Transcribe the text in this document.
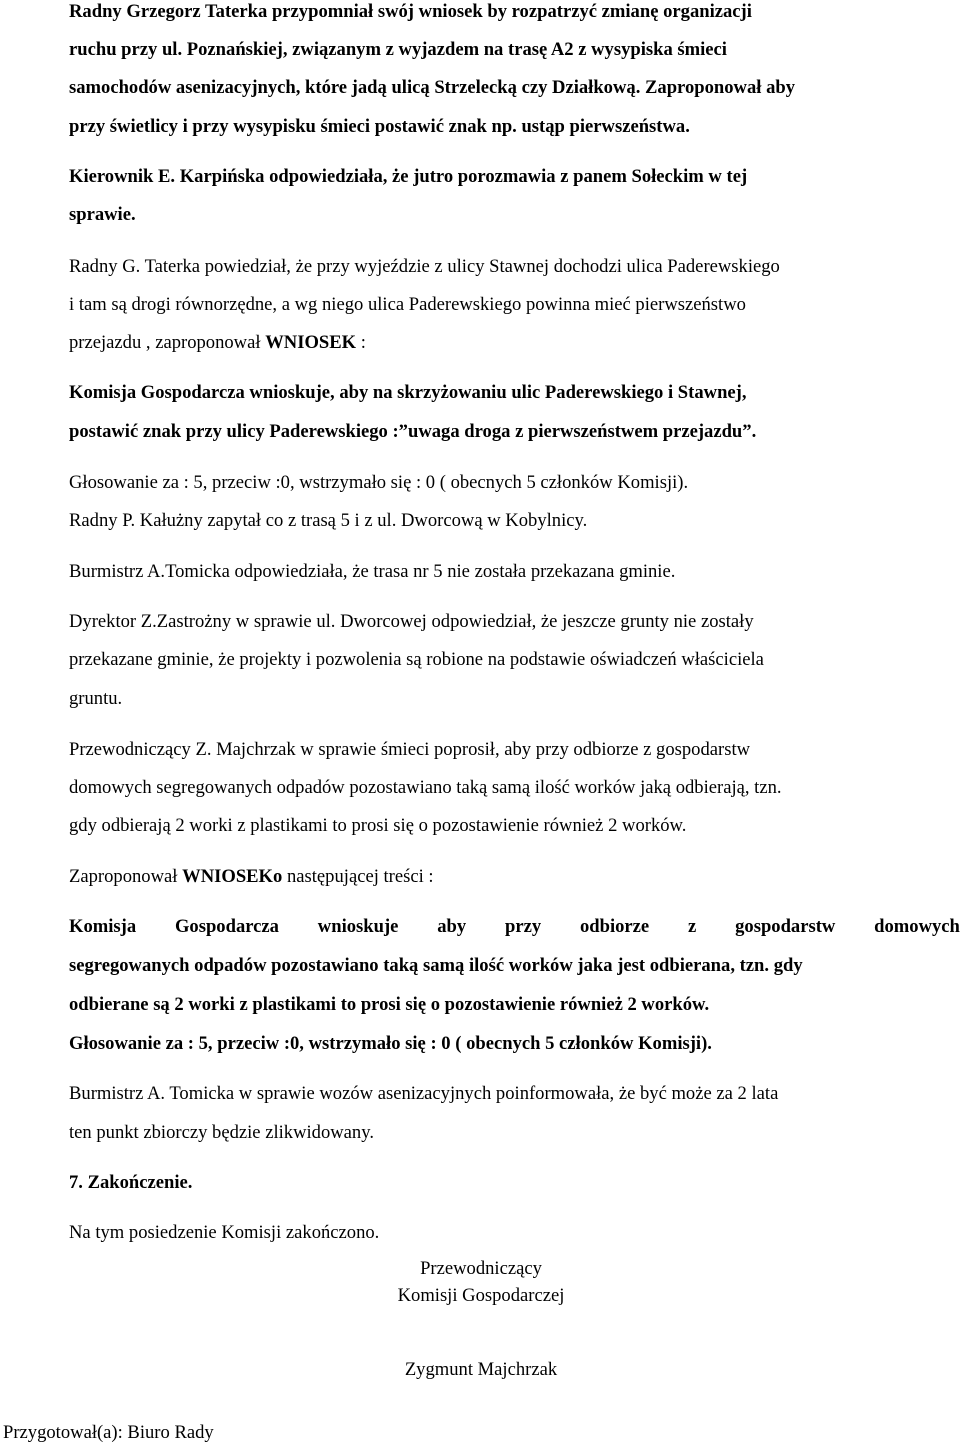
Radny Grzegorz Taterka przypomniał swój wniosek by rozpatrzyć zmianę organizacji
ruchu przy ul. Poznańskiej, związanym z wyjazdem na trasę A2 z wysypiska śmieci
samochodów asenizacyjnych, które jadą ulicą Strzelecką czy Działkową. Zaproponował aby
przy świetlicy i przy wysypisku śmieci postawić znak np. ustąp pierwszeństwa.
Kierownik E. Karpińska odpowiedziała, że jutro porozmawia z panem Sołeckim w tej
sprawie.
Radny G. Taterka powiedział, że przy wyjeździe z ulicy Stawnej dochodzi ulica Paderewskiego
i tam są drogi równorzędne, a wg niego ulica Paderewskiego powinna mieć pierwszeństwo
przejazdu , zaproponował WNIOSEK :
Komisja Gospodarcza wnioskuje, aby na skrzyżowaniu ulic Paderewskiego i Stawnej,
postawić znak przy ulicy Paderewskiego :”uwaga droga z pierwszeństwem przejazdu”.
Głosowanie za : 5, przeciw :0, wstrzymało się : 0 ( obecnych 5 członków Komisji).
Radny P. Kałużny zapytał co z trasą 5 i z ul. Dworcową w Kobylnicy.
Burmistrz A.Tomicka odpowiedziała, że trasa nr 5 nie została przekazana gminie.
Dyrektor Z.Zastrożny w sprawie ul. Dworcowej odpowiedział, że jeszcze grunty nie zostały
przekazane gminie, że projekty i pozwolenia są robione na podstawie oświadczeń właściciela
gruntu.
Przewodniczący Z. Majchrzak w sprawie śmieci poprosił, aby przy odbiorze z gospodarstw
domowych segregowanych odpadów pozostawiano taką samą ilość worków jaką odbierają, tzn.
gdy odbierają 2 worki z plastikami to prosi się o pozostawienie również 2 worków.
Zaproponował WNIOSEKo następującej treści :
Komisja Gospodarcza wnioskuje aby przy odbiorze z gospodarstw domowych
segregowanych odpadów pozostawiano taką samą ilość worków jaka jest odbierana, tzn. gdy
odbierane są 2 worki z plastikami to prosi się o pozostawienie również 2 worków.
Głosowanie za : 5, przeciw :0, wstrzymało się : 0 ( obecnych 5 członków Komisji).
Burmistrz A. Tomicka w sprawie wozów asenizacyjnych poinformowała, że być może za 2 lata
ten punkt zbiorczy będzie zlikwidowany.
7. Zakończenie.
Na tym posiedzenie Komisji zakończono.
Przewodniczący
Komisji Gospodarczej
Zygmunt Majchrzak
Przygotował(a): Biuro Rady
